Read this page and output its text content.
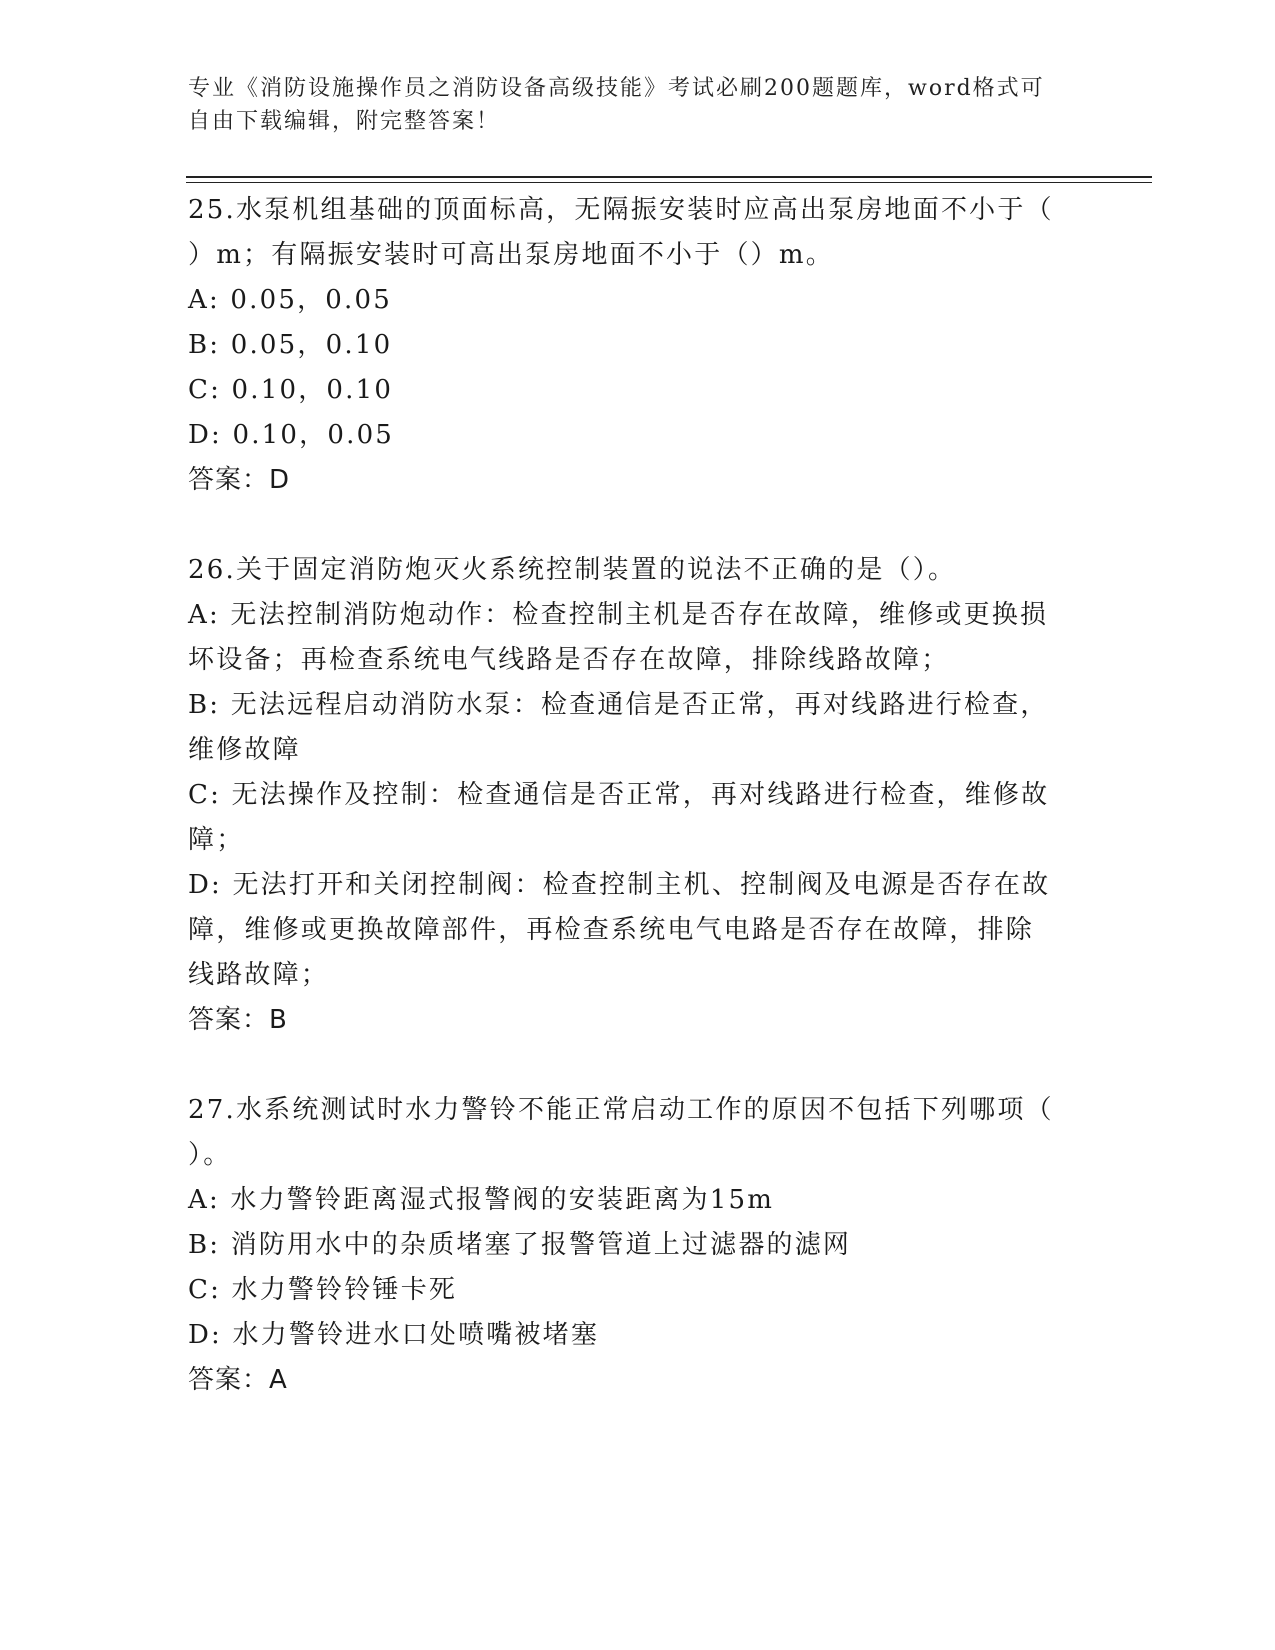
专业《消防设施操作员之消防设备高级技能》考试必刷200题题库，word格式可
自由下载编辑，附完整答案！
25.水泵机组基础的顶面标高，无隔振安装时应高出泵房地面不小于（
）m；有隔振安装时可高出泵房地面不小于（）m。
A: 0.05，0.05
B: 0.05，0.10
C: 0.10，0.10
D: 0.10，0.05
答案：D
26.关于固定消防炮灭火系统控制装置的说法不正确的是（）。
A: 无法控制消防炮动作：检查控制主机是否存在故障，维修或更换损
坏设备；再检查系统电气线路是否存在故障，排除线路故障；
B: 无法远程启动消防水泵：检查通信是否正常，再对线路进行检查，
维修故障
C: 无法操作及控制：检查通信是否正常，再对线路进行检查，维修故
障；
D: 无法打开和关闭控制阀：检查控制主机、控制阀及电源是否存在故
障，维修或更换故障部件，再检查系统电气电路是否存在故障，排除
线路故障；
答案：B
27.水系统测试时水力警铃不能正常启动工作的原因不包括下列哪项（
）。
A: 水力警铃距离湿式报警阀的安装距离为15m
B: 消防用水中的杂质堵塞了报警管道上过滤器的滤网
C: 水力警铃铃锤卡死
D: 水力警铃进水口处喷嘴被堵塞
答案：A
